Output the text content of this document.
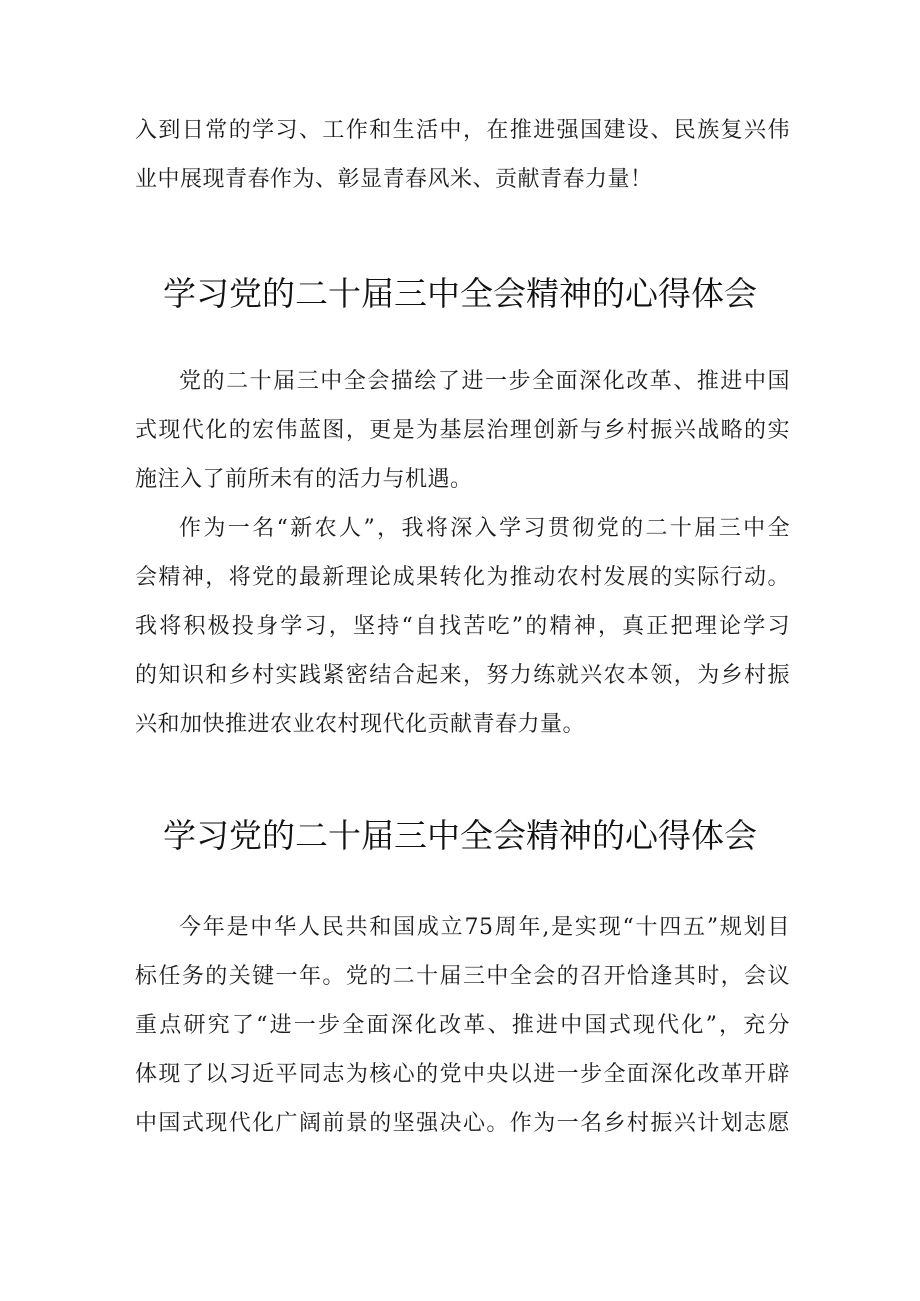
入到日常的学习、工作和生活中，在推进强国建设、民族复兴伟
业中展现青春作为、彰显青春风米、贡献青春力量！
学习党的二十届三中全会精神的心得体会
党的二十届三中全会描绘了进一步全面深化改革、推进中国
式现代化的宏伟蓝图，更是为基层治理创新与乡村振兴战略的实
施注入了前所未有的活力与机遇。
作为一名“新农人”，我将深入学习贯彻党的二十届三中全
会精神，将党的最新理论成果转化为推动农村发展的实际行动。
我将积极投身学习，坚持“自找苦吃”的精神，真正把理论学习
的知识和乡村实践紧密结合起来，努力练就兴农本领，为乡村振
兴和加快推进农业农村现代化贡献青春力量。
学习党的二十届三中全会精神的心得体会
今年是中华人民共和国成立75周年,是实现“十四五”规划目
标任务的关键一年。党的二十届三中全会的召开恰逢其时，会议
重点研究了“进一步全面深化改革、推进中国式现代化”，充分
体现了以习近平同志为核心的党中央以进一步全面深化改革开辟
中国式现代化广阔前景的坚强决心。作为一名乡村振兴计划志愿
